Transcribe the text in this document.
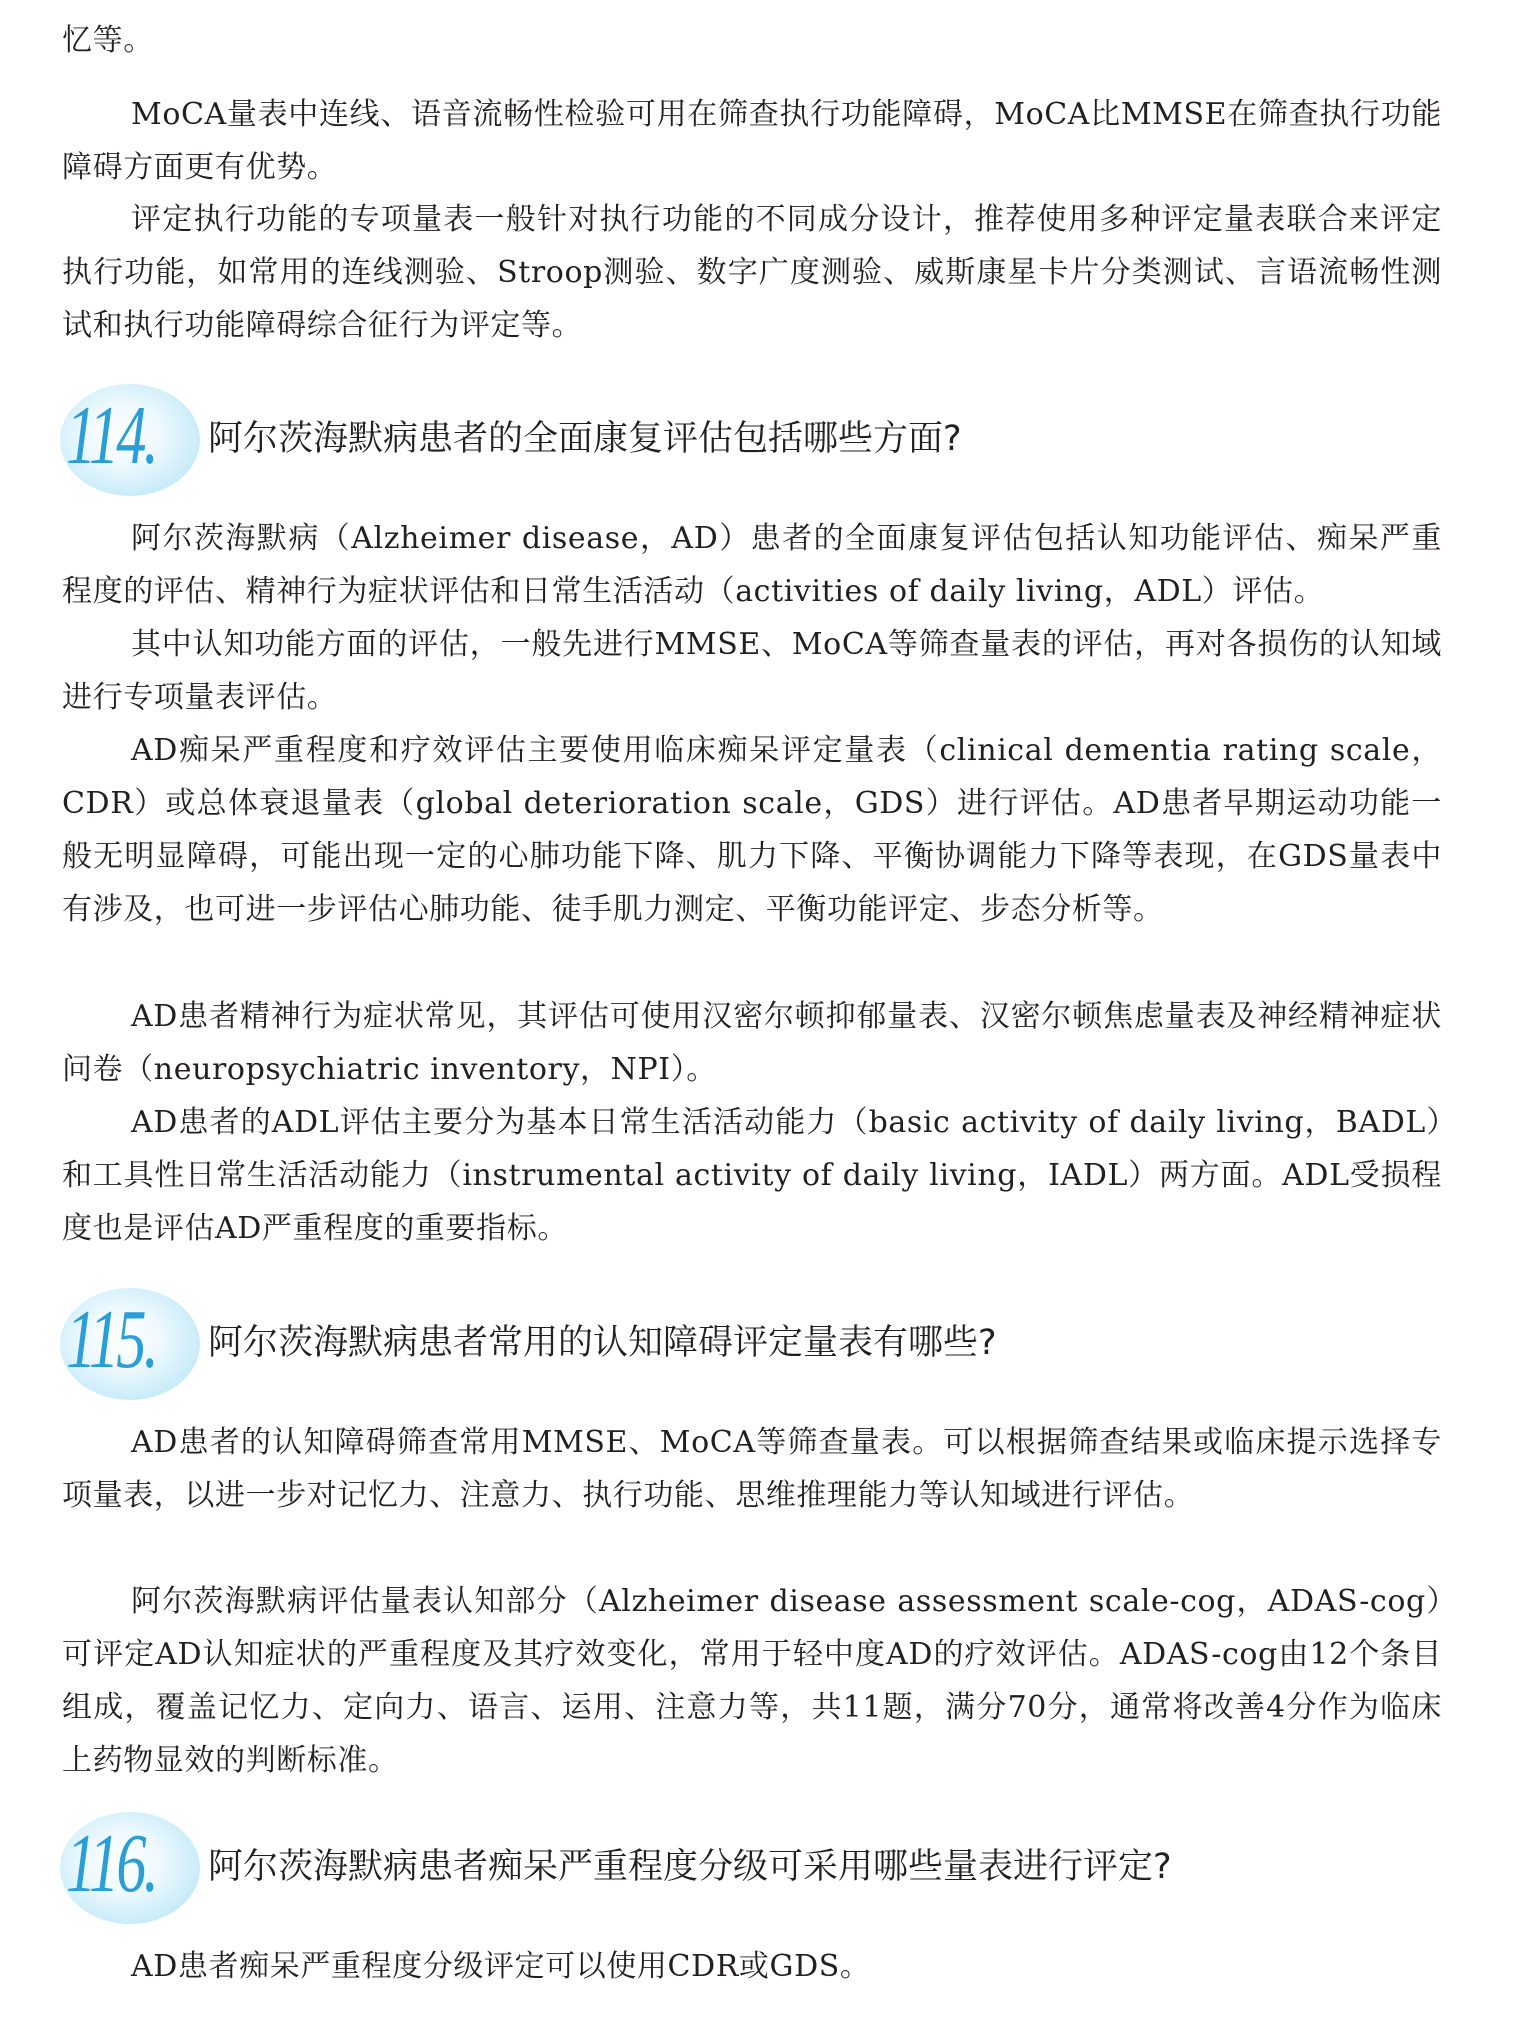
忆等。

MoCA量表中连线、语音流畅性检验可用在筛查执行功能障碍，MoCA比MMSE在筛查执行功能障碍方面更有优势。

评定执行功能的专项量表一般针对执行功能的不同成分设计，推荐使用多种评定量表联合来评定执行功能，如常用的连线测验、Stroop测验、数字广度测验、威斯康星卡片分类测试、言语流畅性测试和执行功能障碍综合征行为评定等。

114. 阿尔茨海默病患者的全面康复评估包括哪些方面?

阿尔茨海默病（Alzheimer disease，AD）患者的全面康复评估包括认知功能评估、痴呆严重程度的评估、精神行为症状评估和日常生活活动（activities of daily living，ADL）评估。

其中认知功能方面的评估，一般先进行MMSE、MoCA等筛查量表的评估，再对各损伤的认知域进行专项量表评估。

AD痴呆严重程度和疗效评估主要使用临床痴呆评定量表（clinical dementia rating scale，CDR）或总体衰退量表（global deterioration scale，GDS）进行评估。AD患者早期运动功能一般无明显障碍，可能出现一定的心肺功能下降、肌力下降、平衡协调能力下降等表现，在GDS量表中有涉及，也可进一步评估心肺功能、徒手肌力测定、平衡功能评定、步态分析等。

AD患者精神行为症状常见，其评估可使用汉密尔顿抑郁量表、汉密尔顿焦虑量表及神经精神症状问卷（neuropsychiatric inventory，NPI）。

AD患者的ADL评估主要分为基本日常生活活动能力（basic activity of daily living，BADL）和工具性日常生活活动能力（instrumental activity of daily living，IADL）两方面。ADL受损程度也是评估AD严重程度的重要指标。

115. 阿尔茨海默病患者常用的认知障碍评定量表有哪些?

AD患者的认知障碍筛查常用MMSE、MoCA等筛查量表。可以根据筛查结果或临床提示选择专项量表，以进一步对记忆力、注意力、执行功能、思维推理能力等认知域进行评估。

阿尔茨海默病评估量表认知部分（Alzheimer disease assessment scale-cog，ADAS-cog）可评定AD认知症状的严重程度及其疗效变化，常用于轻中度AD的疗效评估。ADAS-cog由12个条目组成，覆盖记忆力、定向力、语言、运用、注意力等，共11题，满分70分，通常将改善4分作为临床上药物显效的判断标准。

116. 阿尔茨海默病患者痴呆严重程度分级可采用哪些量表进行评定?

AD患者痴呆严重程度分级评定可以使用CDR或GDS。
